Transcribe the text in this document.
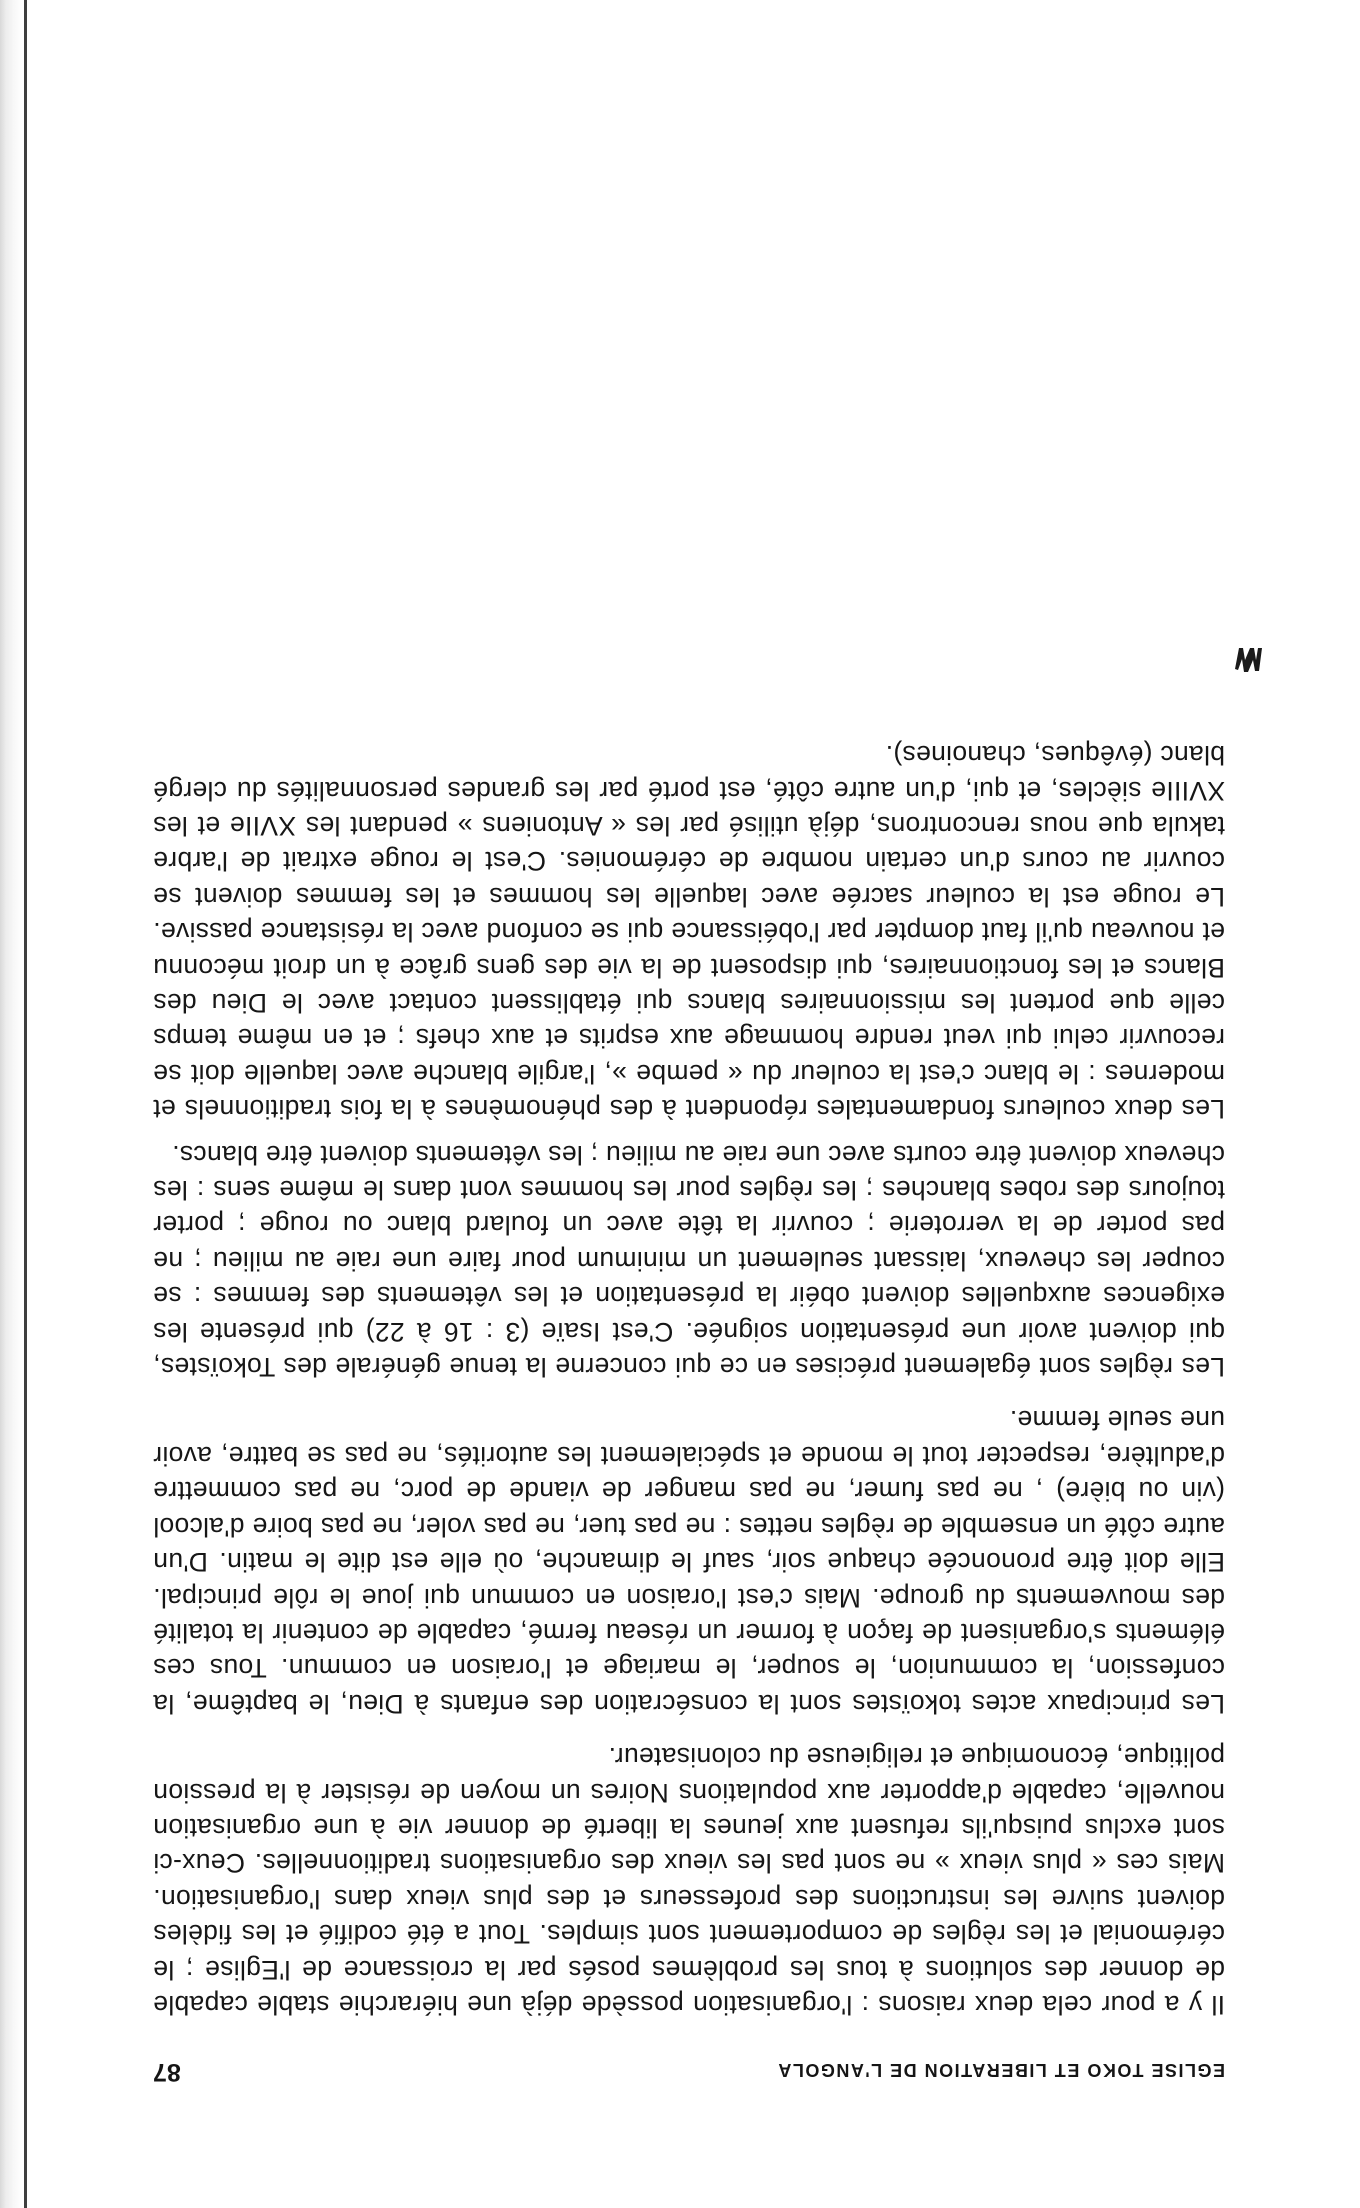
EGLISE TOKO ET LIBERATION DE L'ANGOLA
87

Il y a pour cela deux raisons : l'organisation possède déjà une hiérarchie stable capable de donner des solutions à tous les problèmes posés par la croissance de l'Eglise ; le cérémonial et les règles de comportement sont simples. Tout a été codifié et les fidèles doivent suivre les instructions des professeurs et des plus vieux dans l'organisation. Mais ces « plus vieux » ne sont pas les vieux des organisations traditionnelles. Ceux-ci sont exclus puisqu'ils refusent aux jeunes la liberté de donner vie à une organisation nouvelle, capable d'apporter aux populations Noires un moyen de résister à la pression politique, économique et religieuse du colonisateur.

Les principaux actes tokoïstes sont la consécration des enfants à Dieu, le baptême, la confession, la communion, le souper, le mariage et l'oraison en commun. Tous ces éléments s'organisent de façon à former un réseau fermé, capable de contenir la totalité des mouvements du groupe. Mais c'est l'oraison en commun qui joue le rôle principal. Elle doit être prononcée chaque soir, sauf le dimanche, où elle est dite le matin. D'un autre côté un ensemble de règles nettes : ne pas tuer, ne pas voler, ne pas boire d'alcool (vin ou bière) , ne pas fumer, ne pas manger de viande de porc, ne pas commettre d'adultère, respecter tout le monde et spécialement les autorités, ne pas se battre, avoir une seule femme.

Les règles sont également précises en ce qui concerne la tenue générale des Tokoïstes, qui doivent avoir une présentation soignée. C'est Isaïe (3 : 16 à 22) qui présente les exigences auxquelles doivent obéir la présentation et les vêtements des femmes : se couper les cheveux, laissant seulement un minimum pour faire une raie au milieu ; ne pas porter de la verroterie ; couvrir la tête avec un foulard blanc ou rouge ; porter toujours des robes blanches ; les règles pour les hommes vont dans le même sens : les cheveux doivent être courts avec une raie au milieu ; les vêtements doivent être blancs.

Les deux couleurs fondamentales répondent à des phénomènes à la fois traditionnels et modernes : le blanc c'est la couleur du « pembe », l'argile blanche avec laquelle doit se recouvrir celui qui veut rendre hommage aux esprits et aux chefs ; et en même temps celle que portent les missionnaires blancs qui établissent contact avec le Dieu des Blancs et les fonctionnaires, qui disposent de la vie des gens grâce à un droit méconnu et nouveau qu'il faut dompter par l'obéissance qui se confond avec la résistance passive. Le rouge est la couleur sacrée avec laquelle les hommes et les femmes doivent se couvrir au cours d'un certain nombre de cérémonies. C'est le rouge extrait de l'arbre takula que nous rencontrons, déjà utilisé par les « Antoniens » pendant les XVIIe et les XVIIIe siècles, et qui, d'un autre côté, est porté par les grandes personnalités du clergé blanc (évêques, chanoines).
